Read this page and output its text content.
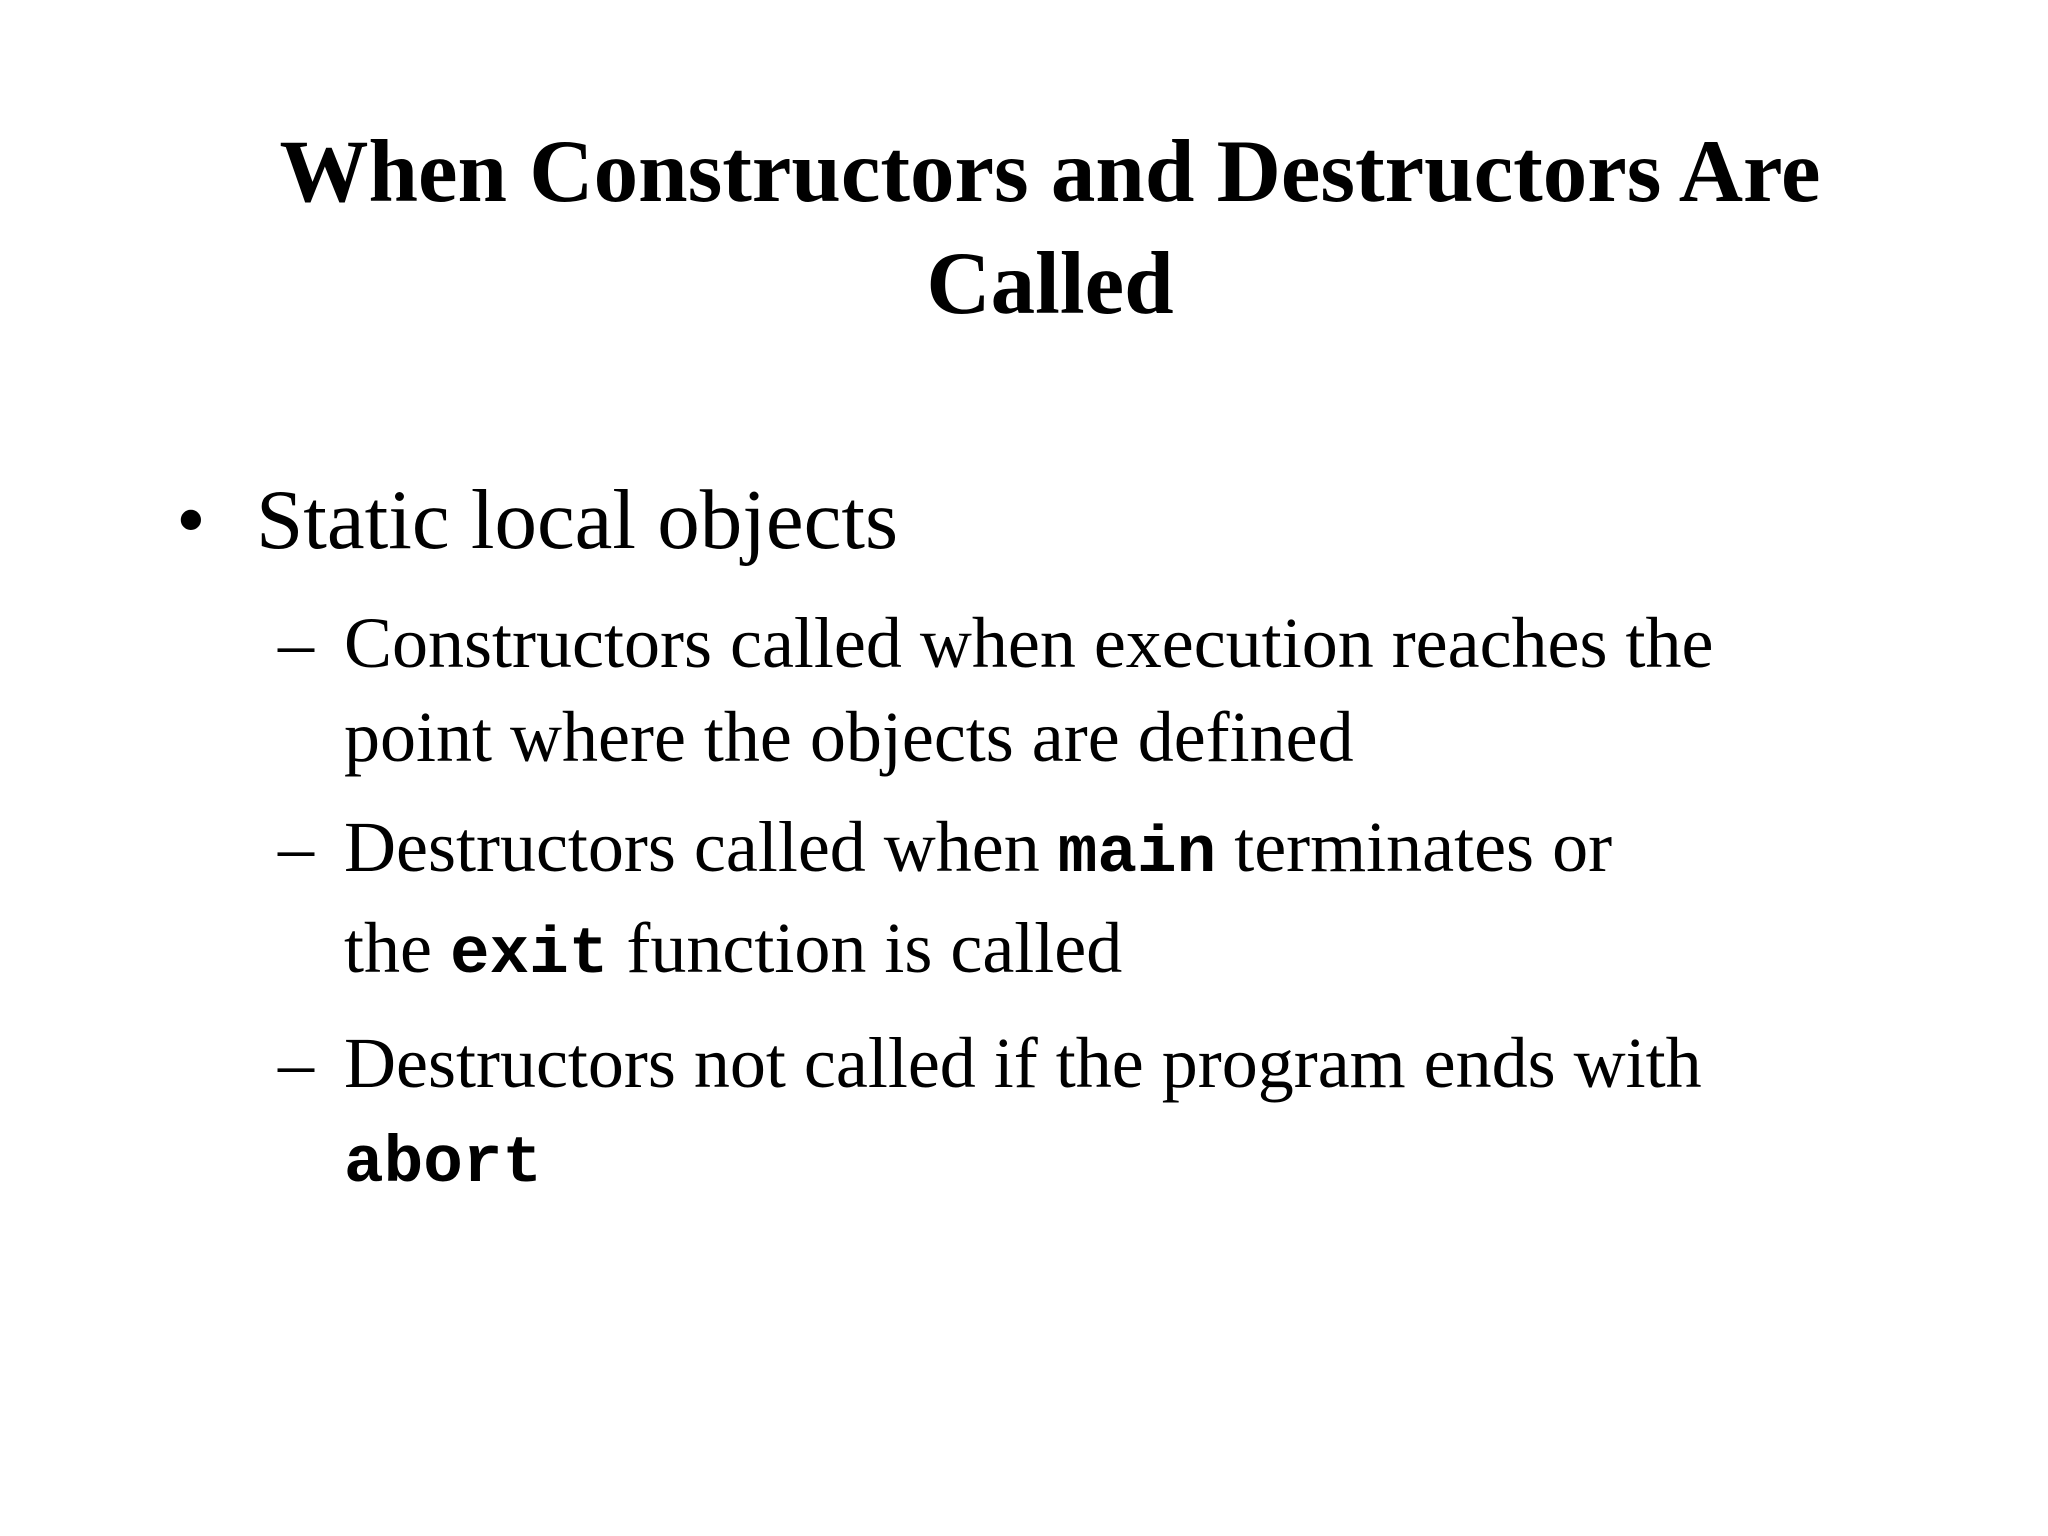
When Constructors and Destructors Are
Called
• Static local objects
– Constructors called when execution reaches the
point where the objects are defined
– Destructors called when main terminates or
the exit function is called
– Destructors not called if the program ends with
abort
